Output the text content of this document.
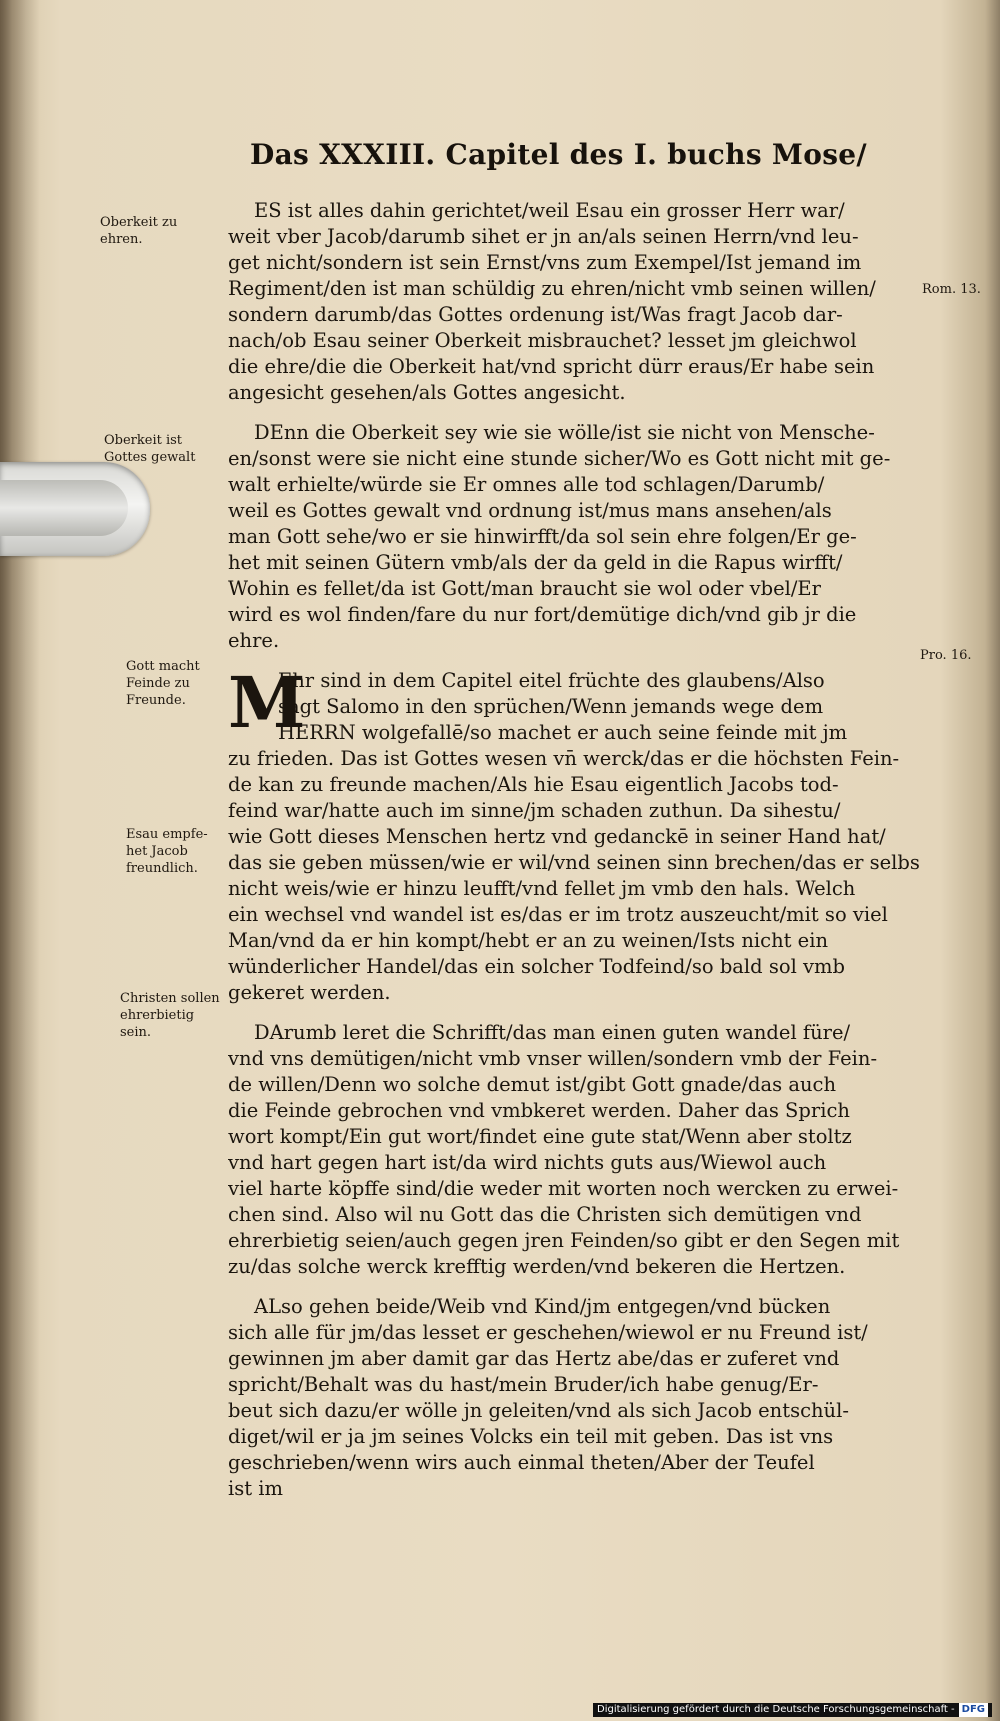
Das XXXIII. Capitel des I. buchs Mose/
ES ist alles dahin gerichtet/weil Esau ein grosser Herr war/
weit vber Jacob/darumb sihet er jn an/als seinen Herrn/vnd leu-
get nicht/sondern ist sein Ernst/vns zum Exempel/Ist jemand im
Regiment/den ist man schüldig zu ehren/nicht vmb seinen willen/
sondern darumb/das Gottes ordenung ist/Was fragt Jacob dar-
nach/ob Esau seiner Oberkeit misbrauchet? lesset jm gleichwol
die ehre/die die Oberkeit hat/vnd spricht dürr eraus/Er habe sein
angesicht gesehen/als Gottes angesicht.
DEnn die Oberkeit sey wie sie wölle/ist sie nicht von Mensche-
en/sonst were sie nicht eine stunde sicher/Wo es Gott nicht mit ge-
walt erhielte/würde sie Er omnes alle tod schlagen/Darumb/
weil es Gottes gewalt vnd ordnung ist/mus mans ansehen/als
man Gott sehe/wo er sie hinwirfft/da sol sein ehre folgen/Er ge-
het mit seinen Gütern vmb/als der da geld in die Rapus wirfft/
Wohin es fellet/da ist Gott/man braucht sie wol oder vbel/Er
wird es wol finden/fare du nur fort/demütige dich/vnd gib jr die
ehre.
M
Ehr sind in dem Capitel eitel früchte des glaubens/Also
sagt Salomo in den sprüchen/Wenn jemands wege dem
HERRN wolgefallē/so machet er auch seine feinde mit jm
zu frieden. Das ist Gottes wesen vn̄ werck/das er die höchsten Fein-
de kan zu freunde machen/Als hie Esau eigentlich Jacobs tod-
feind war/hatte auch im sinne/jm schaden zuthun. Da sihestu/
wie Gott dieses Menschen hertz vnd gedanckē in seiner Hand hat/
das sie geben müssen/wie er wil/vnd seinen sinn brechen/das er selbs
nicht weis/wie er hinzu leufft/vnd fellet jm vmb den hals. Welch
ein wechsel vnd wandel ist es/das er im trotz auszeucht/mit so viel
Man/vnd da er hin kompt/hebt er an zu weinen/Ists nicht ein
wünderlicher Handel/das ein solcher Todfeind/so bald sol vmb
gekeret werden.
DArumb leret die Schrifft/das man einen guten wandel füre/
vnd vns demütigen/nicht vmb vnser willen/sondern vmb der Fein-
de willen/Denn wo solche demut ist/gibt Gott gnade/das auch
die Feinde gebrochen vnd vmbkeret werden. Daher das Sprich
wort kompt/Ein gut wort/findet eine gute stat/Wenn aber stoltz
vnd hart gegen hart ist/da wird nichts guts aus/Wiewol auch
viel harte köpffe sind/die weder mit worten noch wercken zu erwei-
chen sind. Also wil nu Gott das die Christen sich demütigen vnd
ehrerbietig seien/auch gegen jren Feinden/so gibt er den Segen mit
zu/das solche werck krefftig werden/vnd bekeren die Hertzen.
ALso gehen beide/Weib vnd Kind/jm entgegen/vnd bücken
sich alle für jm/das lesset er geschehen/wiewol er nu Freund ist/
gewinnen jm aber damit gar das Hertz abe/das er zuferet vnd
spricht/Behalt was du hast/mein Bruder/ich habe genug/Er-
beut sich dazu/er wölle jn geleiten/vnd als sich Jacob entschül-
diget/wil er ja jm seines Volcks ein teil mit geben. Das ist vns
geschrieben/wenn wirs auch einmal theten/Aber der Teufel
ist im
Oberkeit zu
ehren.
Oberkeit ist
Gottes gewalt
Gott macht
Feinde zu
Freunde.
Esau empfe-
het Jacob
freundlich.
Christen sollen
ehrerbietig
sein.
Rom. 13.
Pro. 16.
Digitalisierung gefördert durch die Deutsche Forschungsgemeinschaft - DFG
